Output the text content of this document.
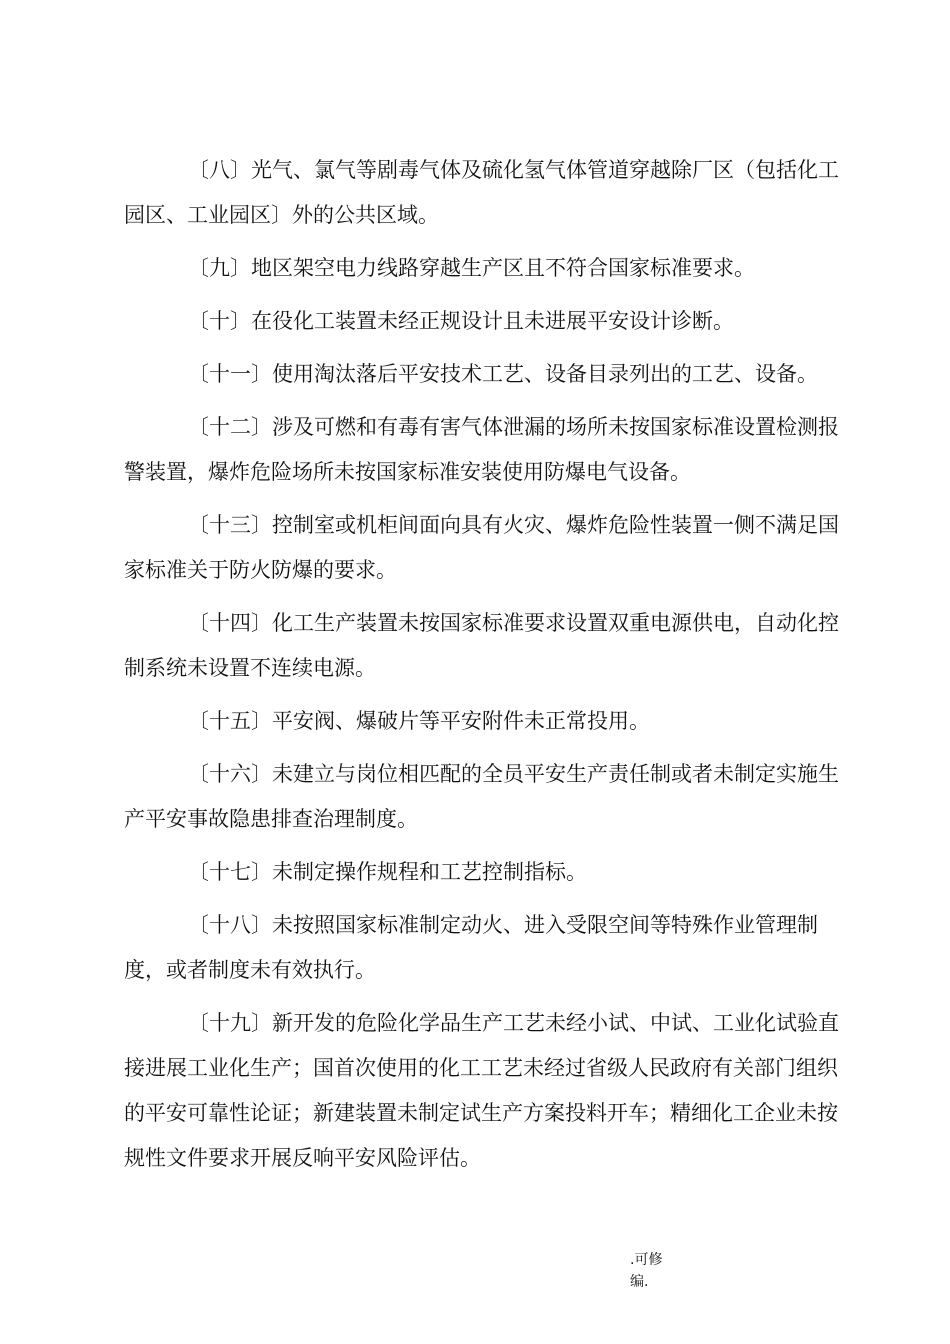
〔八〕光气、氯气等剧毒气体及硫化氢气体管道穿越除厂区（包括化工园区、工业园区〕外的公共区域。

〔九〕地区架空电力线路穿越生产区且不符合国家标准要求。

〔十〕在役化工装置未经正规设计且未进展平安设计诊断。

〔十一〕使用淘汰落后平安技术工艺、设备目录列出的工艺、设备。

〔十二〕涉及可燃和有毒有害气体泄漏的场所未按国家标准设置检测报警装置，爆炸危险场所未按国家标准安装使用防爆电气设备。

〔十三〕控制室或机柜间面向具有火灾、爆炸危险性装置一侧不满足国家标准关于防火防爆的要求。

〔十四〕化工生产装置未按国家标准要求设置双重电源供电，自动化控制系统未设置不连续电源。

〔十五〕平安阀、爆破片等平安附件未正常投用。

〔十六〕未建立与岗位相匹配的全员平安生产责任制或者未制定实施生产平安事故隐患排查治理制度。

〔十七〕未制定操作规程和工艺控制指标。

〔十八〕未按照国家标准制定动火、进入受限空间等特殊作业管理制度，或者制度未有效执行。

〔十九〕新开发的危险化学品生产工艺未经小试、中试、工业化试验直接进展工业化生产；国首次使用的化工工艺未经过省级人民政府有关部门组织的平安可靠性论证；新建装置未制定试生产方案投料开车；精细化工企业未按规性文件要求开展反响平安风险评估。

.可修
编.
